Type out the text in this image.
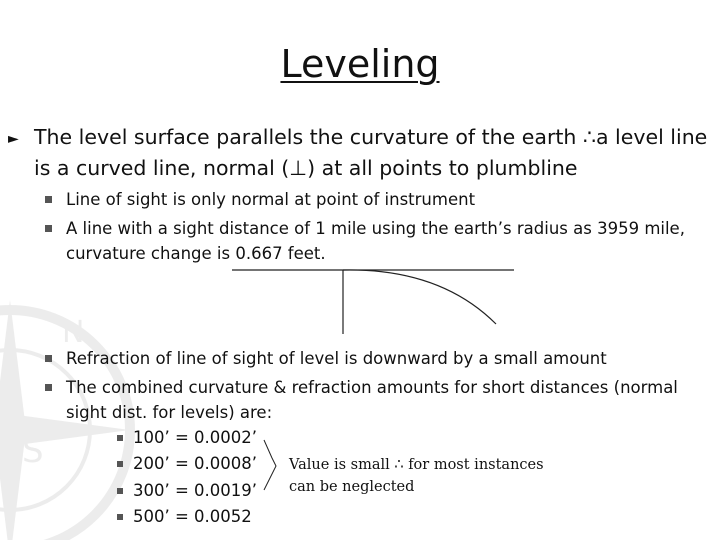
S
N
Leveling
► The level surface parallels the curvature of the earth ∴a level line is a curved line, normal (⊥) at all points to plumbline
Line of sight is only normal at point of instrument
A line with a sight distance of 1 mile using the earth’s radius as 3959 mile, curvature change is 0.667 feet.
Refraction of line of sight of level is downward by a small amount
The combined curvature & refraction amounts for short distances (normal sight dist. for levels) are:
100’ = 0.0002’
200’ = 0.0008’
300’ = 0.0019’
500’ = 0.0052
Value is small ∴ for most instances
can be neglected
